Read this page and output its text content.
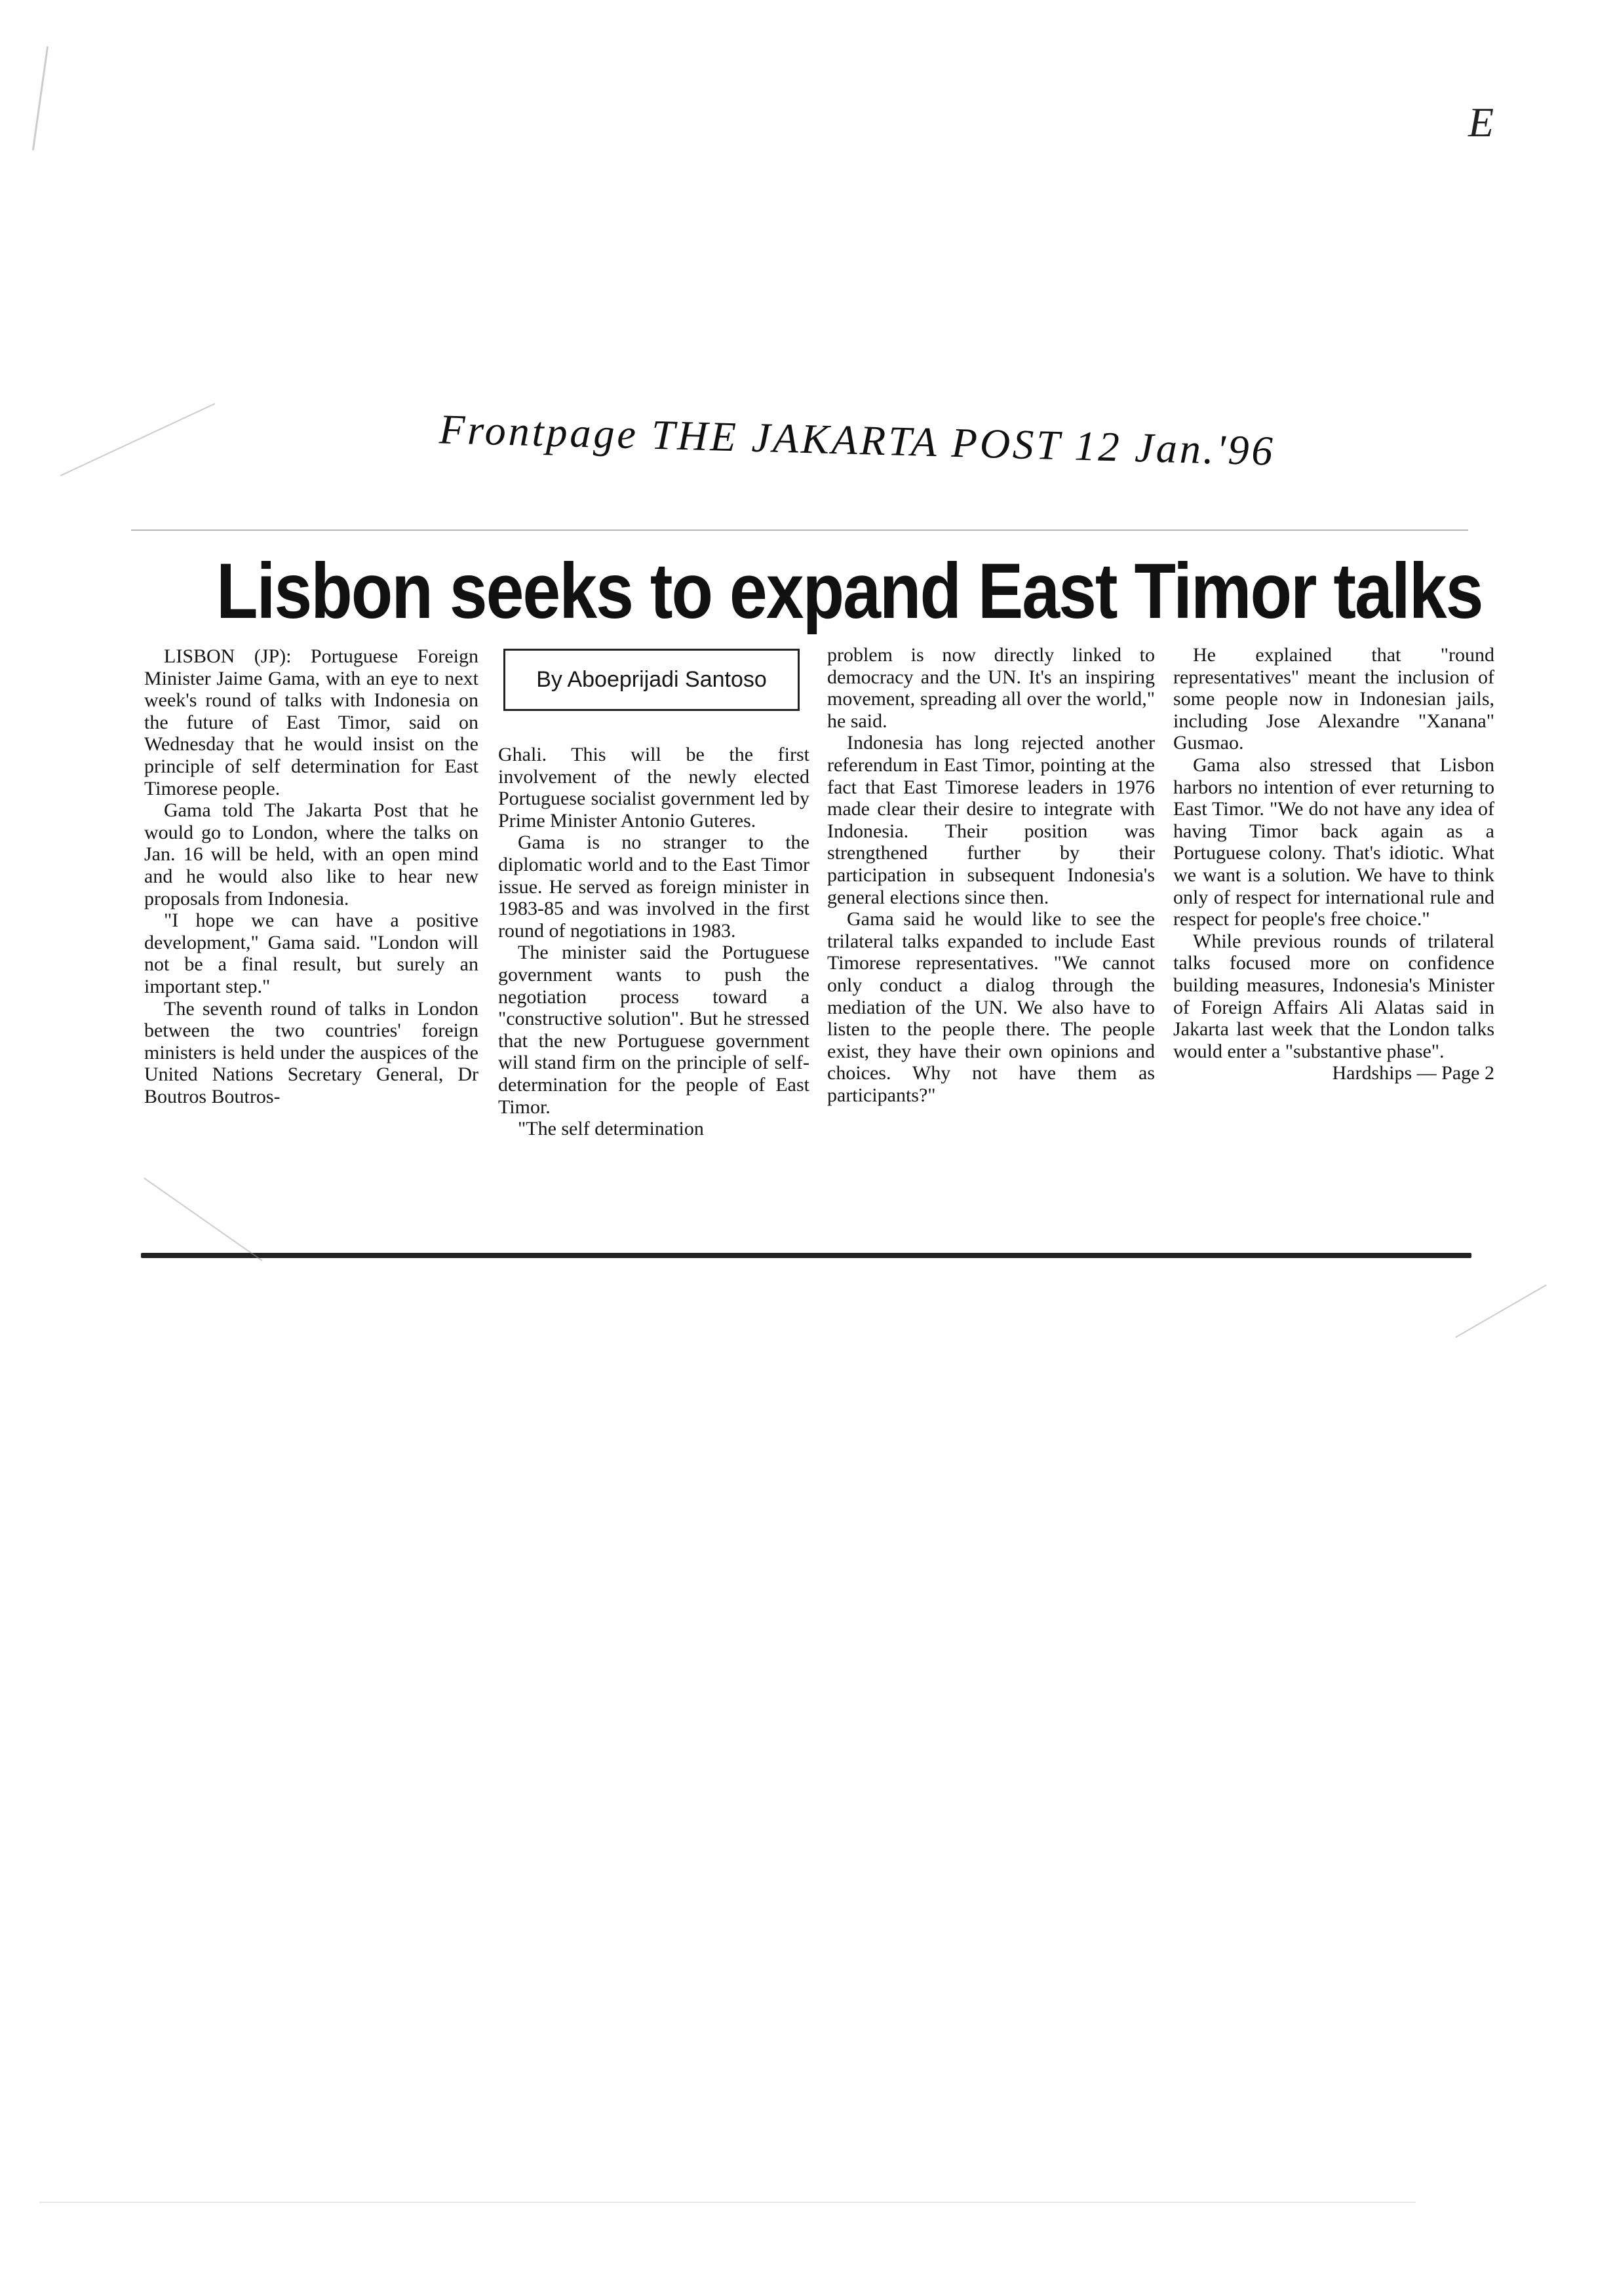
E
Frontpage THE JAKARTA POST 12 Jan.'96
Lisbon seeks to expand East Timor talks

LISBON (JP): Portuguese Foreign Minister Jaime Gama, with an eye to next week's round of talks with Indonesia on the future of East Timor, said on Wednesday that he would insist on the principle of self determination for East Timorese people.

Gama told The Jakarta Post that he would go to London, where the talks on Jan. 16 will be held, with an open mind and he would also like to hear new proposals from Indonesia.

"I hope we can have a positive development," Gama said. "London will not be a final result, but surely an important step."

The seventh round of talks in London between the two countries' foreign ministers is held under the auspices of the United Nations Secretary General, Dr Boutros Boutros-

Ghali. This will be the first involvement of the newly elected Portuguese socialist government led by Prime Minister Antonio Guteres.

Gama is no stranger to the diplomatic world and to the East Timor issue. He served as foreign minister in 1983-85 and was involved in the first round of negotiations in 1983.

The minister said the Portuguese government wants to push the negotiation process toward a "constructive solution". But he stressed that the new Portuguese government will stand firm on the principle of self-determination for the people of East Timor.

"The self determination

By Aboeprijadi Santoso

problem is now directly linked to democracy and the UN. It's an inspiring movement, spreading all over the world," he said.

Indonesia has long rejected another referendum in East Timor, pointing at the fact that East Timorese leaders in 1976 made clear their desire to integrate with Indonesia. Their position was strengthened further by their participation in subsequent Indonesia's general elections since then.

Gama said he would like to see the trilateral talks expanded to include East Timorese representatives. "We cannot only conduct a dialog through the mediation of the UN. We also have to listen to the people there. The people exist, they have their own opinions and choices. Why not have them as participants?"

He explained that "round representatives" meant the inclusion of some people now in Indonesian jails, including Jose Alexandre "Xanana" Gusmao.

Gama also stressed that Lisbon harbors no intention of ever returning to East Timor. "We do not have any idea of having Timor back again as a Portuguese colony. That's idiotic. What we want is a solution. We have to think only of respect for international rule and respect for people's free choice."

While previous rounds of trilateral talks focused more on confidence building measures, Indonesia's Minister of Foreign Affairs Ali Alatas said in Jakarta last week that the London talks would enter a "substantive phase".

Hardships — Page 2
